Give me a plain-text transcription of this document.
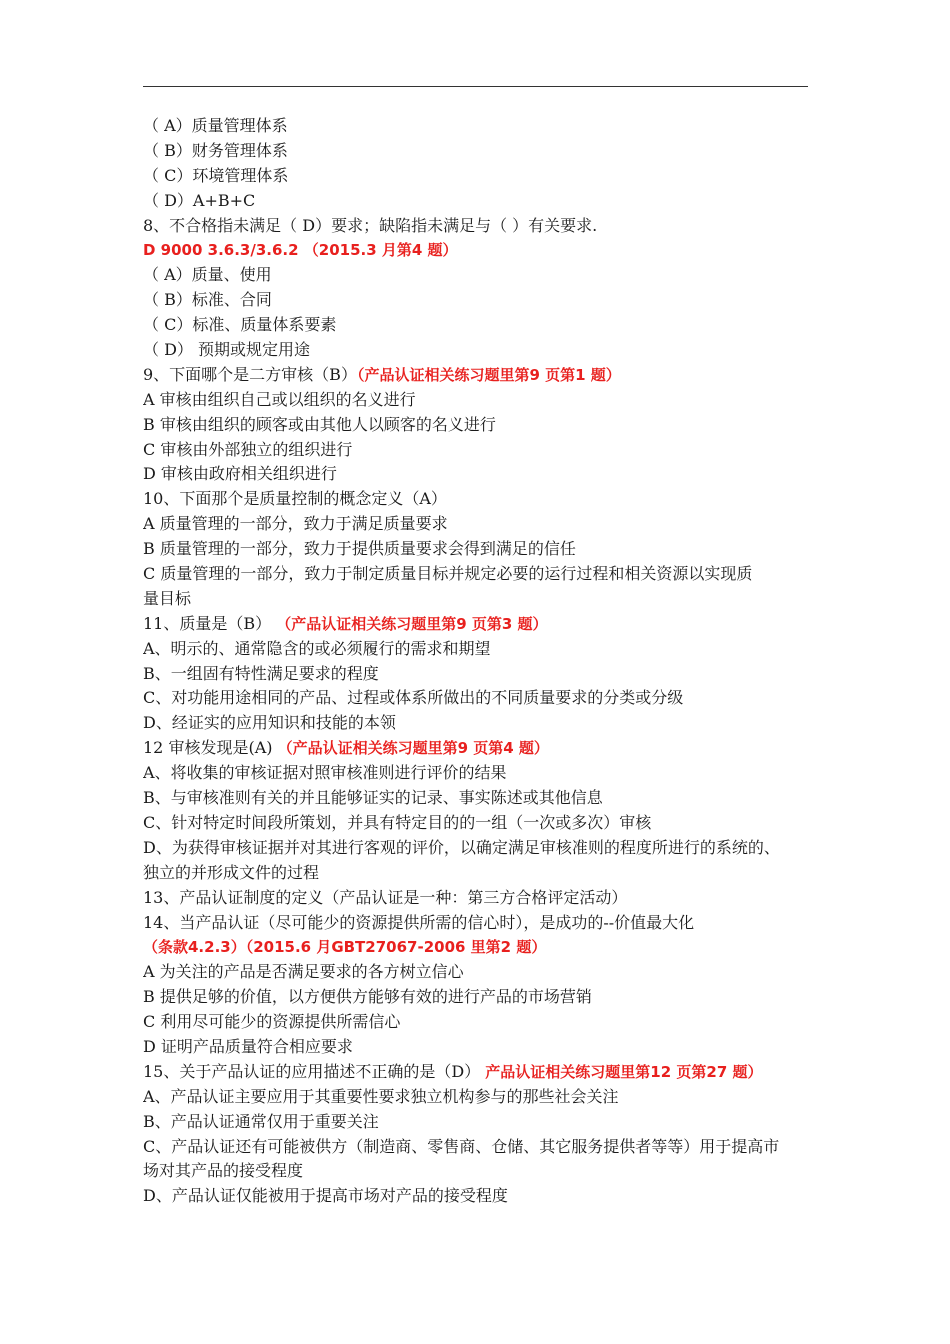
（ A）质量管理体系
（ B）财务管理体系
（ C）环境管理体系
（ D）A+B+C
8、不合格指未满足（ D）要求；缺陷指未满足与（ ）有关要求.
D 9000 3.6.3/3.6.2 （2015.3 月第4 题）
（ A）质量、使用
（ B）标准、合同
（ C）标准、质量体系要素
（ D） 预期或规定用途
9、下面哪个是二方审核（B）（产品认证相关练习题里第9 页第1 题）
A 审核由组织自己或以组织的名义进行
B 审核由组织的顾客或由其他人以顾客的名义进行
C 审核由外部独立的组织进行
D 审核由政府相关组织进行
10、下面那个是质量控制的概念定义（A）
A 质量管理的一部分，致力于满足质量要求
B 质量管理的一部分，致力于提供质量要求会得到满足的信任
C 质量管理的一部分，致力于制定质量目标并规定必要的运行过程和相关资源以实现质
量目标
11、质量是（B） （产品认证相关练习题里第9 页第3 题）
A、明示的、通常隐含的或必须履行的需求和期望
B、一组固有特性满足要求的程度
C、对功能用途相同的产品、过程或体系所做出的不同质量要求的分类或分级
D、经证实的应用知识和技能的本领
12 审核发现是(A) （产品认证相关练习题里第9 页第4 题）
A、将收集的审核证据对照审核准则进行评价的结果
B、与审核准则有关的并且能够证实的记录、事实陈述或其他信息
C、针对特定时间段所策划，并具有特定目的的一组（一次或多次）审核
D、为获得审核证据并对其进行客观的评价，以确定满足审核准则的程度所进行的系统的、
独立的并形成文件的过程
13、产品认证制度的定义（产品认证是一种：第三方合格评定活动）
14、当产品认证（尽可能少的资源提供所需的信心时），是成功的--价值最大化
（条款4.2.3）（2015.6 月GBT27067-2006 里第2 题）
A 为关注的产品是否满足要求的各方树立信心
B 提供足够的价值，以方便供方能够有效的进行产品的市场营销
C 利用尽可能少的资源提供所需信心
D 证明产品质量符合相应要求
15、关于产品认证的应用描述不正确的是（D） 产品认证相关练习题里第12 页第27 题）
A、产品认证主要应用于其重要性要求独立机构参与的那些社会关注
B、产品认证通常仅用于重要关注
C、产品认证还有可能被供方（制造商、零售商、仓储、其它服务提供者等等）用于提高市
场对其产品的接受程度
D、产品认证仅能被用于提高市场对产品的接受程度
